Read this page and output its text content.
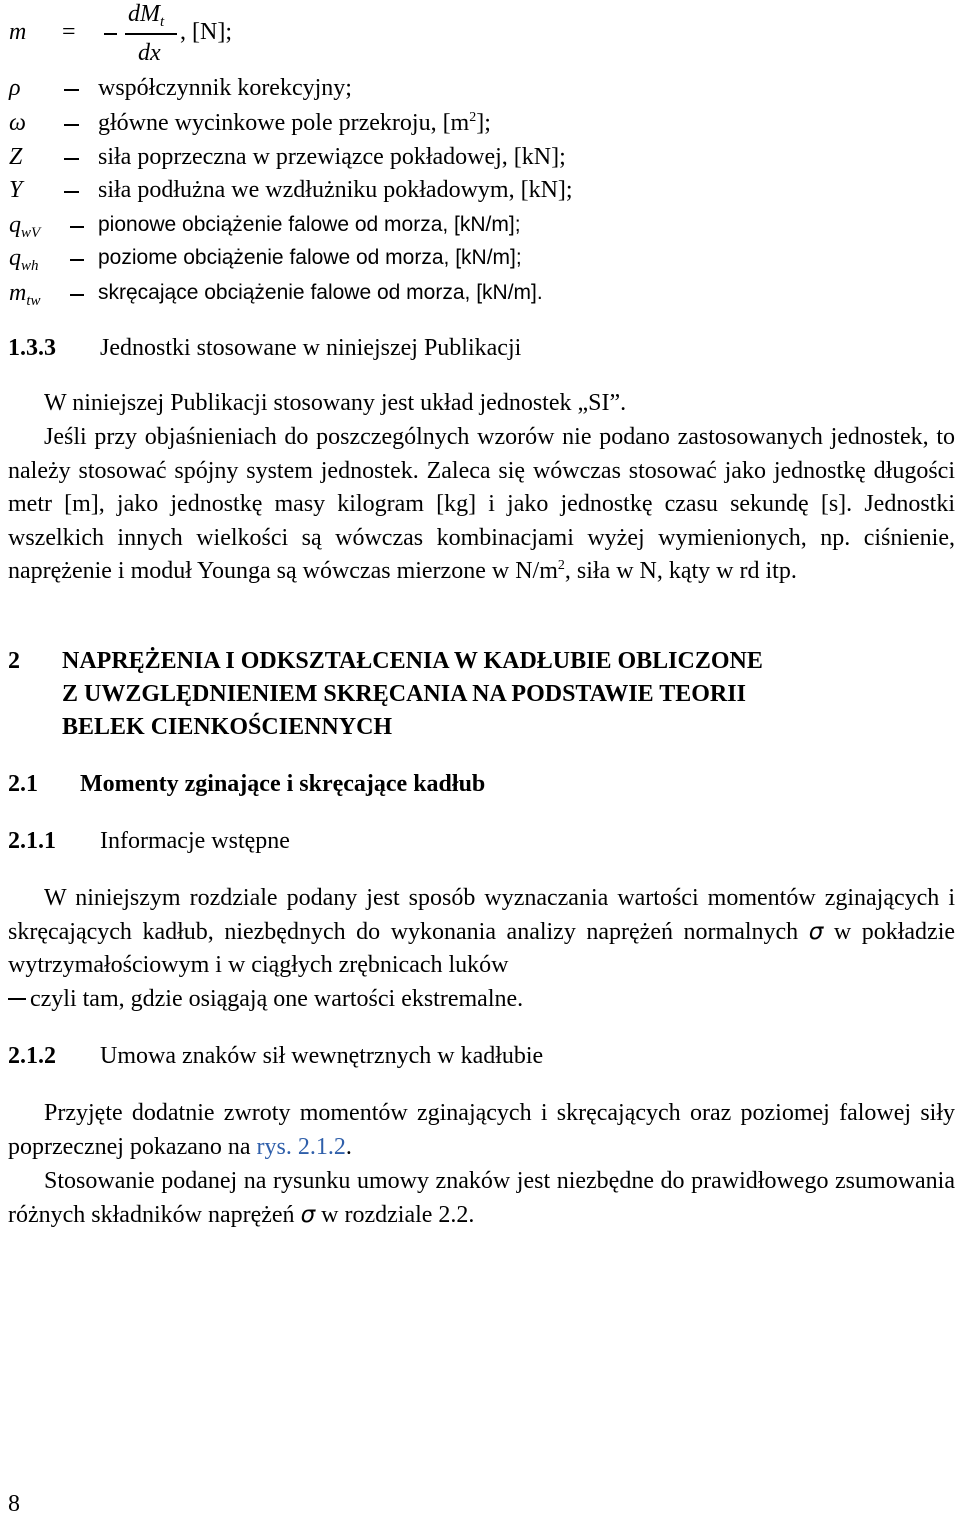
m =
$dM_t$
dx
, [N];
ρ	współczynnik korekcyjny;
ω	główne wycinkowe pole przekroju, $[m^2]$;
Z	siła poprzeczna w przewiązce pokładowej, [kN];
Y	siła podłużna we wzdłużniku pokładowym, [kN];
$q_{wV}$	pionowe obciążenie falowe od morza, [kN/m];
$q_{wh}$	poziome obciążenie falowe od morza, [kN/m];
$m_{tw}$	skręcające obciążenie falowe od morza, [kN/m].
1.3.3 Jednostki stosowane w niniejszej Publikacji
W niniejszej Publikacji stosowany jest układ jednostek „SI”.
Jeśli przy objaśnieniach do poszczególnych wzorów nie podano zastosowanych jednostek, to należy stosować spójny system jednostek. Zaleca się wówczas stosować jako jednostkę długości metr [m], jako jednostkę masy kilogram [kg] i jako jednostkę czasu sekundę [s]. Jednostki wszelkich innych wielkości są wówczas kombinacjami wyżej wymienionych, np. ciśnienie, naprężenie i moduł Younga są wówczas mierzone w $N/m^2$, siła w N, kąty w rd itp.
2 NAPRĘŻENIA I ODKSZTAŁCENIA W KADŁUBIE OBLICZONE
Z UWZGLĘDNIENIEM SKRĘCANIA NA PODSTAWIE TEORII
BELEK CIENKOŚCIENNYCH
2.1 Momenty zginające i skręcające kadłub
2.1.1 Informacje wstępne
W niniejszym rozdziale podany jest sposób wyznaczania wartości momentów zginających i skręcających kadłub, niezbędnych do wykonania analizy naprężeń normalnych σ w pokładzie wytrzymałościowym i w ciągłych zrębnicach luków
czyli tam, gdzie osiągają one wartości ekstremalne.
2.1.2 Umowa znaków sił wewnętrznych w kadłubie
Przyjęte dodatnie zwroty momentów zginających i skręcających oraz poziomej falowej siły poprzecznej pokazano na rys. 2.1.2.
Stosowanie podanej na rysunku umowy znaków jest niezbędne do prawidłowego zsumowania różnych składników naprężeń σ w rozdziale 2.2.
8
